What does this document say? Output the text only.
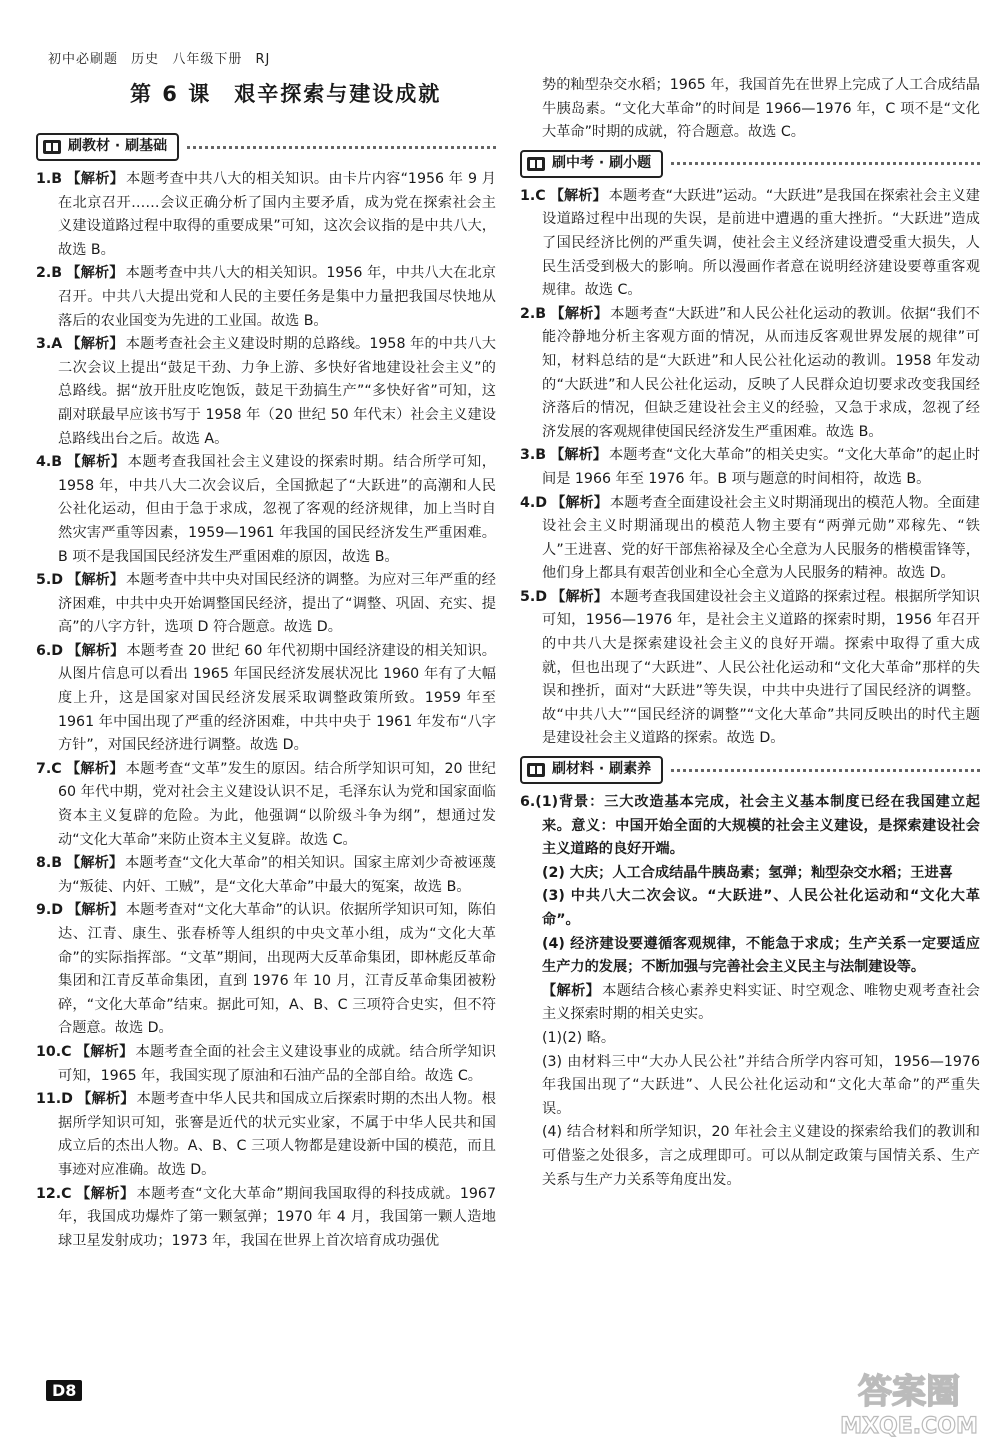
初中必刷题 历史 八年级下册 RJ
第 6 课　艰辛探索与建设成就
刷教材 · 刷基础
1.B 【解析】 本题考查中共八大的相关知识。由卡片内容“1956 年 9 月在北京召开……会议正确分析了国内主要矛盾，成为党在探索社会主义建设道路过程中取得的重要成果”可知，这次会议指的是中共八大，故选 B。
2.B 【解析】 本题考查中共八大的相关知识。1956 年，中共八大在北京召开。中共八大提出党和人民的主要任务是集中力量把我国尽快地从落后的农业国变为先进的工业国。故选 B。
3.A 【解析】 本题考查社会主义建设时期的总路线。1958 年的中共八大二次会议上提出“鼓足干劲、力争上游、多快好省地建设社会主义”的总路线。据“放开肚皮吃饱饭，鼓足干劲搞生产”“多快好省”可知，这副对联最早应该书写于 1958 年（20 世纪 50 年代末）社会主义建设总路线出台之后。故选 A。
4.B 【解析】 本题考查我国社会主义建设的探索时期。结合所学可知，1958 年，中共八大二次会议后，全国掀起了“大跃进”的高潮和人民公社化运动，但由于急于求成，忽视了客观的经济规律，加上当时自然灾害严重等因素，1959—1961 年我国的国民经济发生严重困难。B 项不是我国国民经济发生严重困难的原因，故选 B。
5.D 【解析】 本题考查中共中央对国民经济的调整。为应对三年严重的经济困难，中共中央开始调整国民经济，提出了“调整、巩固、充实、提高”的八字方针，选项 D 符合题意。故选 D。
6.D 【解析】 本题考查 20 世纪 60 年代初期中国经济建设的相关知识。从图片信息可以看出 1965 年国民经济发展状况比 1960 年有了大幅度上升，这是国家对国民经济发展采取调整政策所致。1959 年至 1961 年中国出现了严重的经济困难，中共中央于 1961 年发布“八字方针”，对国民经济进行调整。故选 D。
7.C 【解析】 本题考查“文革”发生的原因。结合所学知识可知，20 世纪 60 年代中期，党对社会主义建设认识不足，毛泽东认为党和国家面临资本主义复辟的危险。为此，他强调“以阶级斗争为纲”，想通过发动“文化大革命”来防止资本主义复辟。故选 C。
8.B 【解析】 本题考查“文化大革命”的相关知识。国家主席刘少奇被诬蔑为“叛徒、内奸、工贼”，是“文化大革命”中最大的冤案，故选 B。
9.D 【解析】 本题考查对“文化大革命”的认识。依据所学知识可知，陈伯达、江青、康生、张春桥等人组织的中央文革小组，成为“文化大革命”的实际指挥部。“文革”期间，出现两大反革命集团，即林彪反革命集团和江青反革命集团，直到 1976 年 10 月，江青反革命集团被粉碎，“文化大革命”结束。据此可知，A、B、C 三项符合史实，但不符合题意。故选 D。
10.C 【解析】 本题考查全面的社会主义建设事业的成就。结合所学知识可知，1965 年，我国实现了原油和石油产品的全部自给。故选 C。
11.D 【解析】 本题考查中华人民共和国成立后探索时期的杰出人物。根据所学知识可知，张謇是近代的状元实业家，不属于中华人民共和国成立后的杰出人物。A、B、C 三项人物都是建设新中国的模范，而且事迹对应准确。故选 D。
12.C 【解析】 本题考查“文化大革命”期间我国取得的科技成就。1967 年，我国成功爆炸了第一颗氢弹；1970 年 4 月，我国第一颗人造地球卫星发射成功；1973 年，我国在世界上首次培育成功强优
势的籼型杂交水稻；1965 年，我国首先在世界上完成了人工合成结晶牛胰岛素。“文化大革命”的时间是 1966—1976 年，C 项不是“文化大革命”时期的成就，符合题意。故选 C。
刷中考 · 刷小题
1.C 【解析】 本题考查“大跃进”运动。“大跃进”是我国在探索社会主义建设道路过程中出现的失误，是前进中遭遇的重大挫折。“大跃进”造成了国民经济比例的严重失调，使社会主义经济建设遭受重大损失，人民生活受到极大的影响。所以漫画作者意在说明经济建设要尊重客观规律。故选 C。
2.B 【解析】 本题考查“大跃进”和人民公社化运动的教训。依据“我们不能冷静地分析主客观方面的情况，从而违反客观世界发展的规律”可知，材料总结的是“大跃进”和人民公社化运动的教训。1958 年发动的“大跃进”和人民公社化运动，反映了人民群众迫切要求改变我国经济落后的情况，但缺乏建设社会主义的经验，又急于求成，忽视了经济发展的客观规律使国民经济发生严重困难。故选 B。
3.B 【解析】 本题考查“文化大革命”的相关史实。“文化大革命”的起止时间是 1966 年至 1976 年。B 项与题意的时间相符，故选 B。
4.D 【解析】 本题考查全面建设社会主义时期涌现出的模范人物。全面建设社会主义时期涌现出的模范人物主要有“两弹元勋”邓稼先、“铁人”王进喜、党的好干部焦裕禄及全心全意为人民服务的楷模雷锋等，他们身上都具有艰苦创业和全心全意为人民服务的精神。故选 D。
5.D 【解析】 本题考查我国建设社会主义道路的探索过程。根据所学知识可知，1956—1976 年，是社会主义道路的探索时期，1956 年召开的中共八大是探索建设社会主义的良好开端。探索中取得了重大成就，但也出现了“大跃进”、人民公社化运动和“文化大革命”那样的失误和挫折，面对“大跃进”等失误，中共中央进行了国民经济的调整。故“中共八大”“国民经济的调整”“文化大革命”共同反映出的时代主题是建设社会主义道路的探索。故选 D。
刷材料 · 刷素养
6.(1)背景：三大改造基本完成，社会主义基本制度已经在我国建立起来。意义：中国开始全面的大规模的社会主义建设，是探索建设社会主义道路的良好开端。
(2) 大庆；人工合成结晶牛胰岛素；氢弹；籼型杂交水稻；王进喜
(3) 中共八大二次会议。“大跃进”、人民公社化运动和“文化大革命”。
(4) 经济建设要遵循客观规律，不能急于求成；生产关系一定要适应生产力的发展；不断加强与完善社会主义民主与法制建设等。
【解析】 本题结合核心素养史料实证、时空观念、唯物史观考查社会主义探索时期的相关史实。
(1)(2) 略。
(3) 由材料三中“大办人民公社”并结合所学内容可知，1956—1976 年我国出现了“大跃进”、人民公社化运动和“文化大革命”的严重失误。
(4) 结合材料和所学知识，20 年社会主义建设的探索给我们的教训和可借鉴之处很多，言之成理即可。可以从制定政策与国情关系、生产关系与生产力关系等角度出发。
D8	答案圈
MXQE.COM
